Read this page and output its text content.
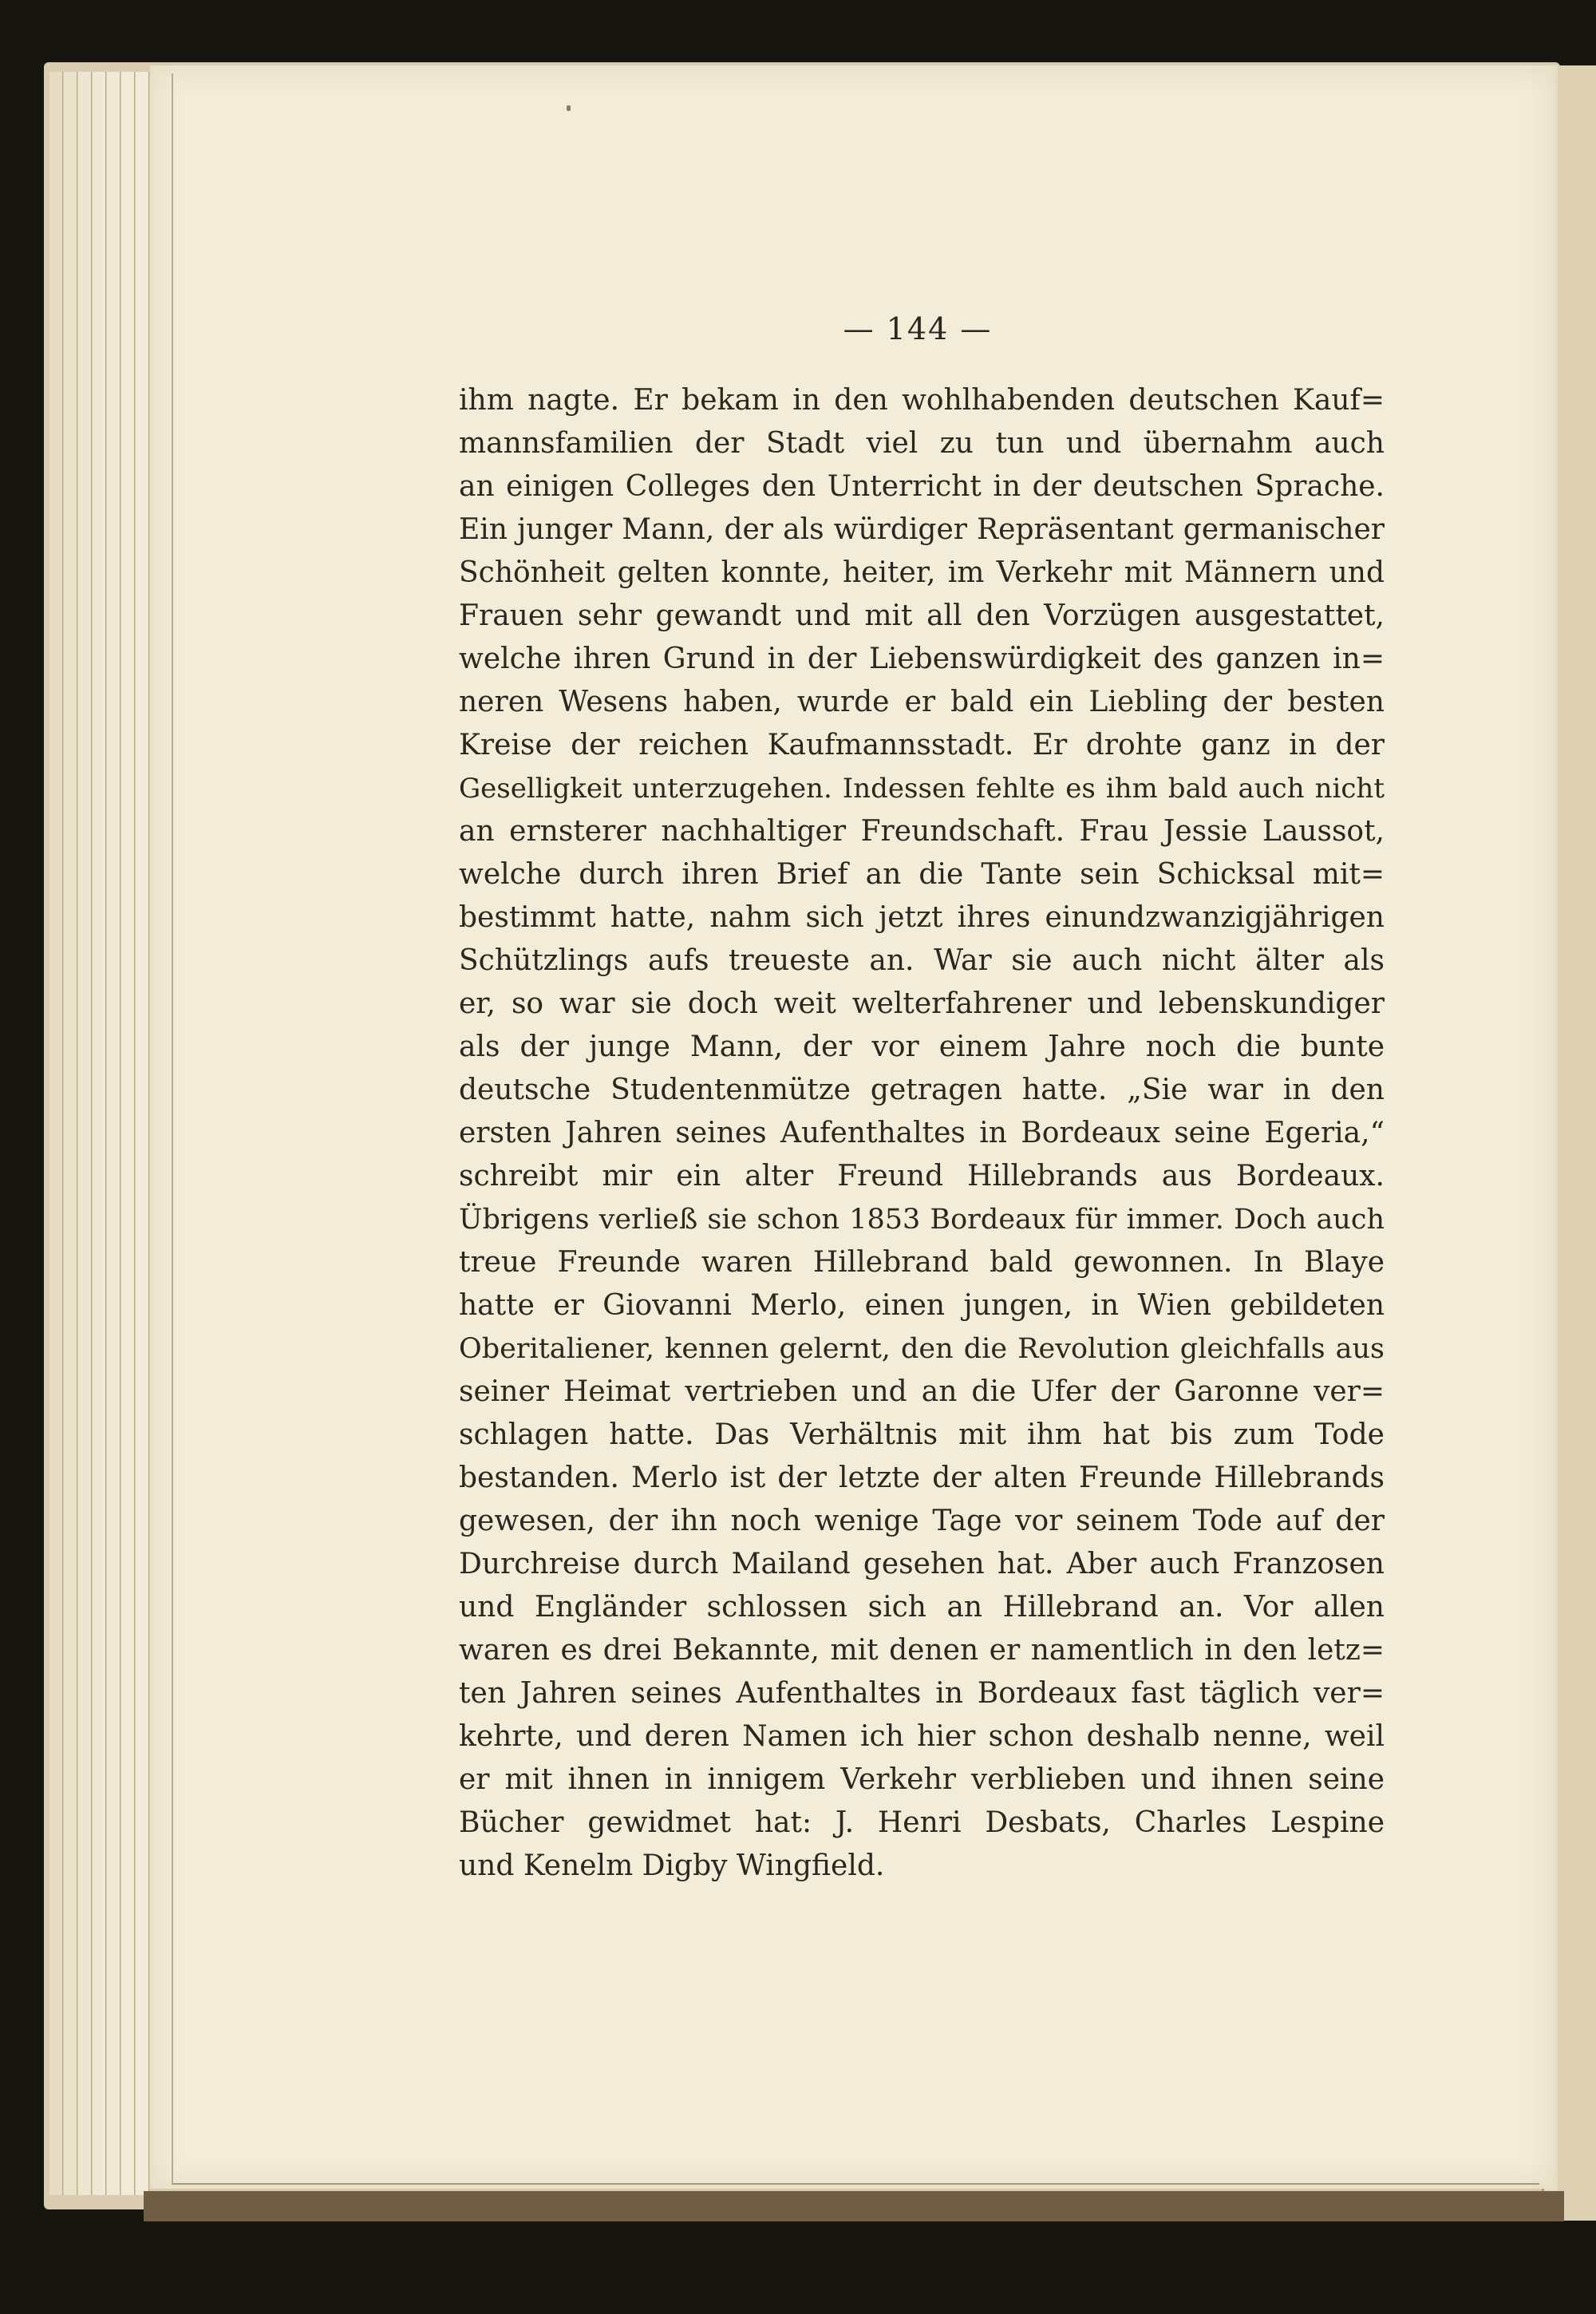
— 144 —
ihm nagte. Er bekam in den wohlhabenden deutschen Kauf=
mannsfamilien der Stadt viel zu tun und übernahm auch
an einigen Colleges den Unterricht in der deutschen Sprache.
Ein junger Mann, der als würdiger Repräsentant germanischer
Schönheit gelten konnte, heiter, im Verkehr mit Männern und
Frauen sehr gewandt und mit all den Vorzügen ausgestattet,
welche ihren Grund in der Liebenswürdigkeit des ganzen in=
neren Wesens haben, wurde er bald ein Liebling der besten
Kreise der reichen Kaufmannsstadt. Er drohte ganz in der
Geselligkeit unterzugehen. Indessen fehlte es ihm bald auch nicht
an ernsterer nachhaltiger Freundschaft. Frau Jessie Laussot,
welche durch ihren Brief an die Tante sein Schicksal mit=
bestimmt hatte, nahm sich jetzt ihres einundzwanzigjährigen
Schützlings aufs treueste an. War sie auch nicht älter als
er, so war sie doch weit welterfahrener und lebenskundiger
als der junge Mann, der vor einem Jahre noch die bunte
deutsche Studentenmütze getragen hatte. „Sie war in den
ersten Jahren seines Aufenthaltes in Bordeaux seine Egeria,“
schreibt mir ein alter Freund Hillebrands aus Bordeaux.
Übrigens verließ sie schon 1853 Bordeaux für immer. Doch auch
treue Freunde waren Hillebrand bald gewonnen. In Blaye
hatte er Giovanni Merlo, einen jungen, in Wien gebildeten
Oberitaliener, kennen gelernt, den die Revolution gleichfalls aus
seiner Heimat vertrieben und an die Ufer der Garonne ver=
schlagen hatte. Das Verhältnis mit ihm hat bis zum Tode
bestanden. Merlo ist der letzte der alten Freunde Hillebrands
gewesen, der ihn noch wenige Tage vor seinem Tode auf der
Durchreise durch Mailand gesehen hat. Aber auch Franzosen
und Engländer schlossen sich an Hillebrand an. Vor allen
waren es drei Bekannte, mit denen er namentlich in den letz=
ten Jahren seines Aufenthaltes in Bordeaux fast täglich ver=
kehrte, und deren Namen ich hier schon deshalb nenne, weil
er mit ihnen in innigem Verkehr verblieben und ihnen seine
Bücher gewidmet hat: J. Henri Desbats, Charles Lespine
und Kenelm Digby Wingfield.
